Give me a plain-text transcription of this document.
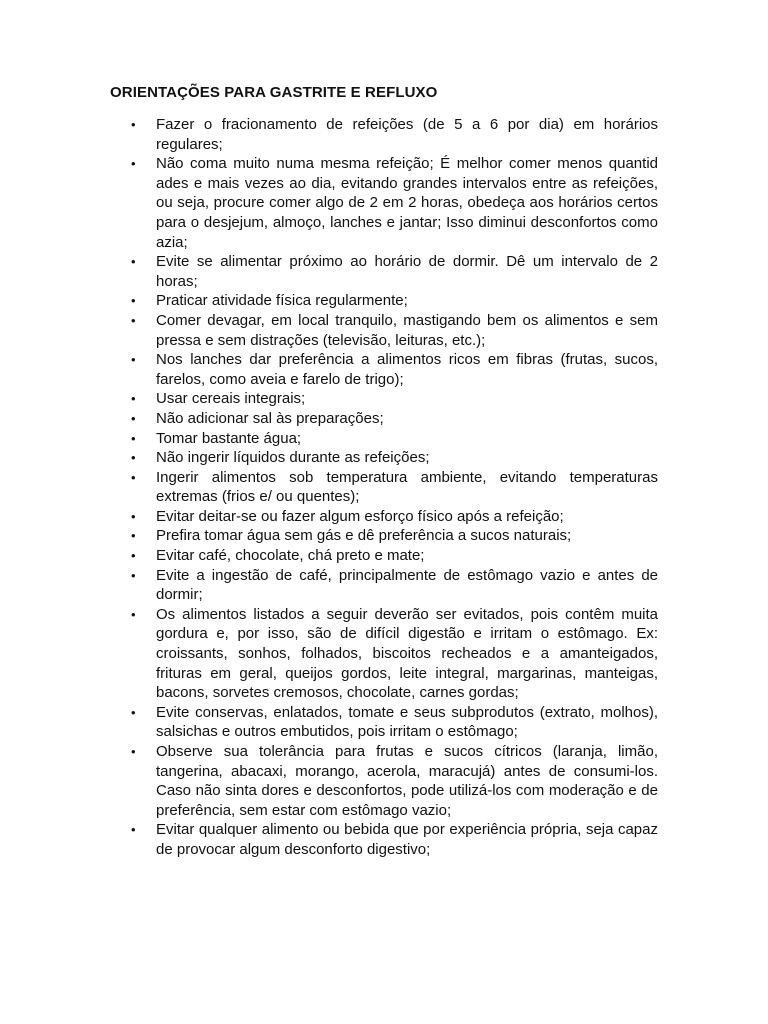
ORIENTAÇÕES PARA GASTRITE E REFLUXO
• Fazer o fracionamento de refeições (de 5 a 6 por dia) em horários regulares;
• Não coma muito numa mesma refeição; É melhor comer menos quantid ades e mais vezes ao dia, evitando grandes intervalos entre as refeições, ou seja, procure comer algo de 2 em 2 horas, obedeça aos horários certos para o desjejum, almoço, lanches e jantar; Isso diminui desconfortos como azia;
• Evite se alimentar próximo ao horário de dormir. Dê um intervalo de 2 horas;
• Praticar atividade física regularmente;
• Comer devagar, em local tranquilo, mastigando bem os alimentos e sem pressa e sem distrações (televisão, leituras, etc.);
• Nos lanches dar preferência a alimentos ricos em fibras (frutas, sucos, farelos, como aveia e farelo de trigo);
• Usar cereais integrais;
• Não adicionar sal às preparações;
• Tomar bastante água;
• Não ingerir líquidos durante as refeições;
• Ingerir alimentos sob temperatura ambiente, evitando temperaturas extremas (frios e/ ou quentes);
• Evitar deitar-se ou fazer algum esforço físico após a refeição;
• Prefira tomar água sem gás e dê preferência a sucos naturais;
• Evitar café, chocolate, chá preto e mate;
• Evite a ingestão de café, principalmente de estômago vazio e antes de dormir;
• Os alimentos listados a seguir deverão ser evitados, pois contêm muita gordura e, por isso, são de difícil digestão e irritam o estômago. Ex: croissants, sonhos, folhados, biscoitos recheados e a amanteigados, frituras em geral, queijos gordos, leite integral, margarinas, manteigas, bacons, sorvetes cremosos, chocolate, carnes gordas;
• Evite conservas, enlatados, tomate e seus subprodutos (extrato, molhos), salsichas e outros embutidos, pois irritam o estômago;
• Observe sua tolerância para frutas e sucos cítricos (laranja, limão, tangerina, abacaxi, morango, acerola, maracujá) antes de consumi-los. Caso não sinta dores e desconfortos, pode utilizá-los com moderação e de preferência, sem estar com estômago vazio;
• Evitar qualquer alimento ou bebida que por experiência própria, seja capaz de provocar algum desconforto digestivo;
